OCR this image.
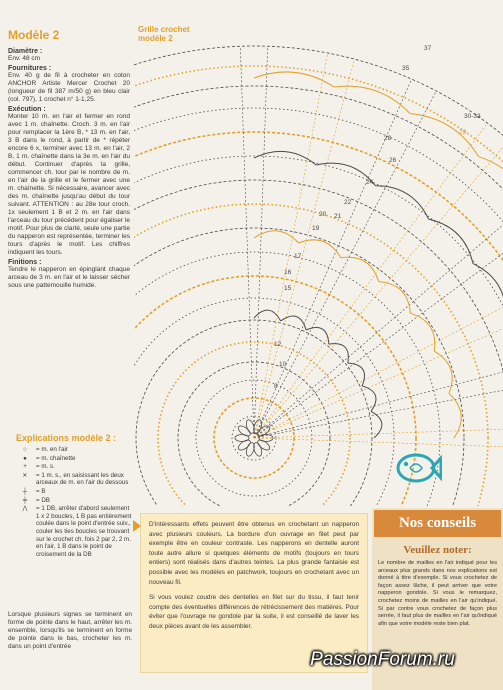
Modèle 2
Diamètre :
Env. 48 cm
Fournitures :
Env. 40 g de fil à crocheter en coton ANCHOR Artiste Mercer Crochet 20 (longueur de fil 387 m/50 g) en bleu clair (col. 797), 1 crochet n° 1-1,25.
Exécution :
Monter 10 m. en l'air et fermer en rond avec 1 m. chaînette. Croch. 3 m. en l'air pour remplacer la 1ère B, * 13 m. en l'air, 3 B dans le rond, à partir de * répéter encore 6 x, terminer avec 13 m. en l'air, 2 B, 1 m. chaînette dans la 3e m. en l'air du début. Continuer d'après la grille, commencer ch. tour par le nombre de m. en l'air de la grille et le fermer avec une m. chaînette. Si nécessaire, avancer avec des m. chaînette jusqu'au début du tour suivant. ATTENTION : au 28e tour croch. 1x seulement 1 B et 2 m. en l'air dans l'arceau du tour précédent pour égaliser le motif. Pour plus de clarté, seule une partie du napperon est représentée, terminer les tours d'après le motif. Les chiffres indiquent les tours.
Finitions :
Tendre le napperon en épinglant chaque arceau de 3 m. en l'air et le laisser sécher sous une pattemouille humide.
Grille crochet
modèle 2
37
35
30-33
29
28
26
24
22
21
20
19
17
16
15
12
10
8
Explications modèle 2 :
○	= m. en l'air
●	= m. chaînette
+	= m. s.
✕	= 1 m. s., en saisissant les deux arceaux de m. en l'air du dessous
┼	= B
╪	= DB
⋀	= 1 DB, arrêter d'abord seulement 1 x 2 boucles, 1 B pas entièrement coulée dans le point d'entrée suiv., couler les ties boucles se trouvant sur le crochet ch. fois 2 par 2, 2 m. en l'air, 1 B dans le point de croisement de la DB
Lorsque plusieurs signes se terminent en forme de pointe dans le haut, arrêter les m. ensemble, lorsqu'ils se terminent en forme de pointe dans le bas, crocheter les m. dans un point d'entrée

D'intéressants effets peuvent être obtenus en crochetant un napperon avec plusieurs couleurs. La bordure d'un ouvrage en filet peut par exemple être en couleur contraste. Les napperons en dentelle auront toute autre allure si quelques éléments de motifs (toujours en tours entiers) sont réalisés dans d'autres teintes. La plus grande fantaisie est possible avec les modèles en patchwork, toujours en crochetant avec un nouveau fil.

Si vous voulez coudre des dentelles en filet sur du tissu, il faut tenir compte des éventuelles différences de rétrécissement des matières. Pour éviter que l'ouvrage ne gondole par la suite, il est conseillé de laver les deux pièces avant de les assembler.

Nos conseils
Veuillez noter:
Le nombre de mailles en l'air indiqué pour les arceaux plus grands dans nos explications est donné à titre d'exemple. Si vous crochetez de façon assez lâche, il peut arriver que votre napperon gondole. Si vous le remarquez, crochetez moins de mailles en l'air qu'indiqué. Si par contre vous crochetez de façon plus serrée, il faut plus de mailles en l'air qu'indiqué afin que votre modèle reste bien plat.
PassionForum.ru
